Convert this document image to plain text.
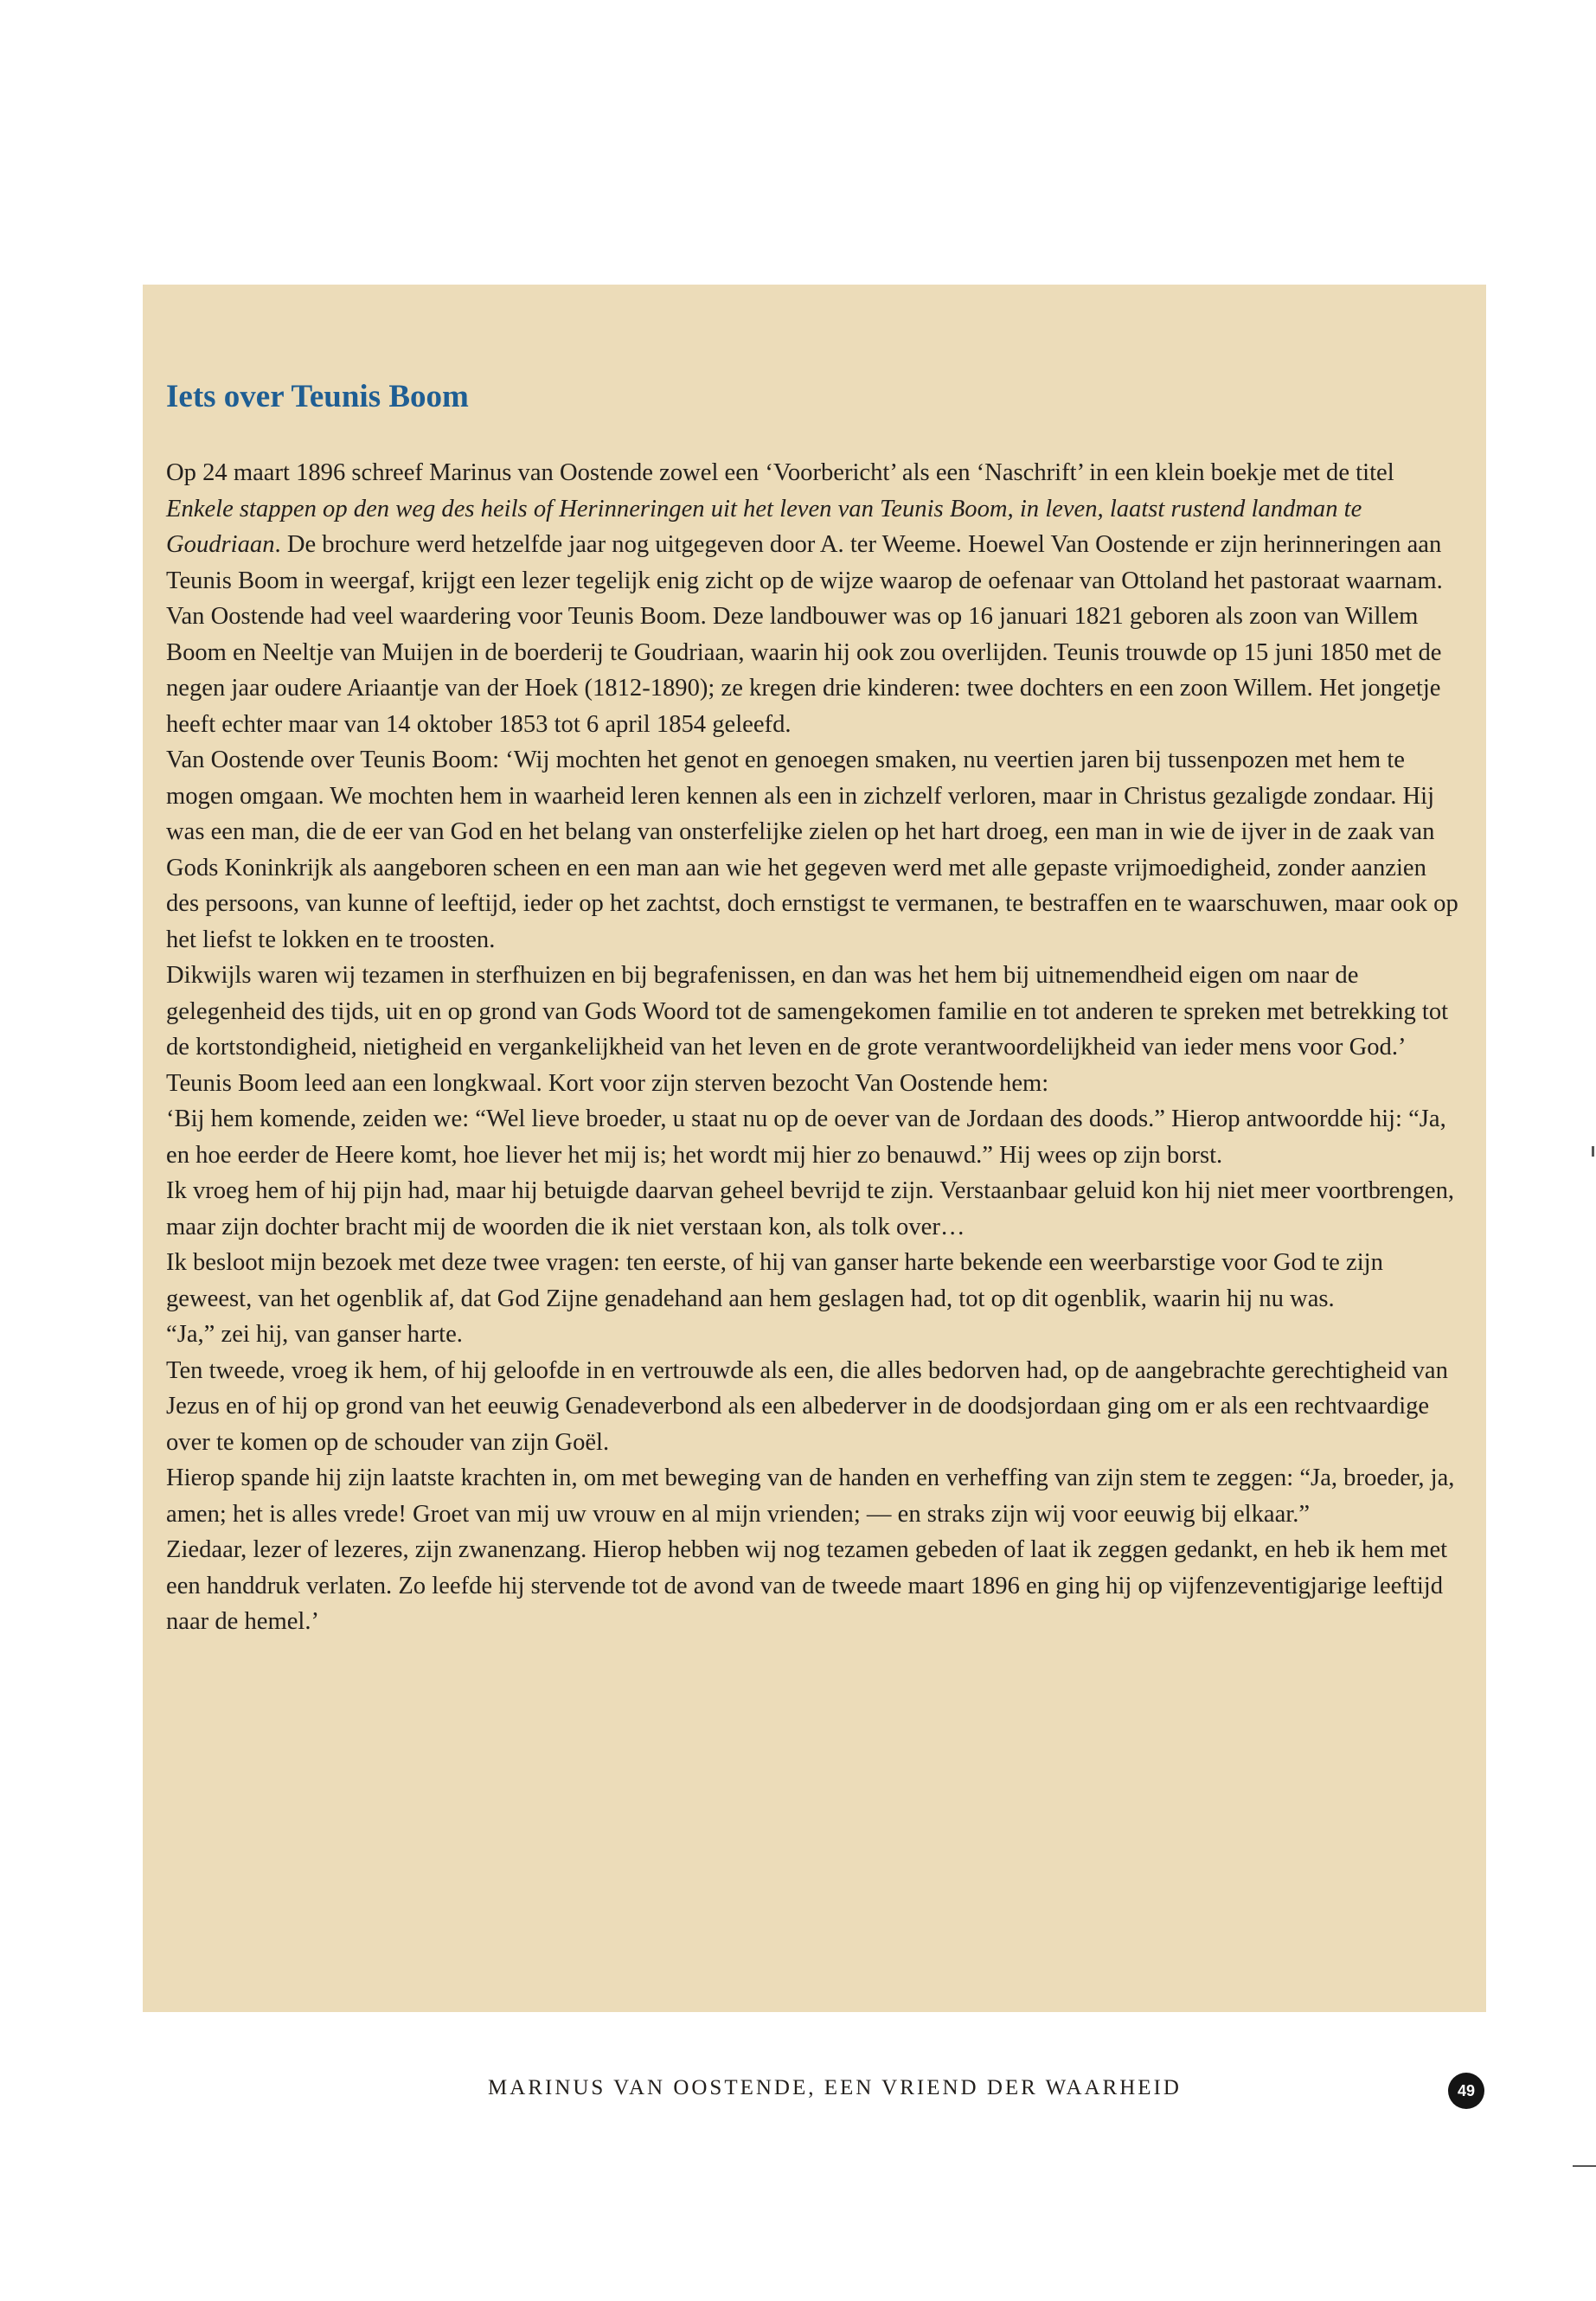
Iets over Teunis Boom

Op 24 maart 1896 schreef Marinus van Oostende zowel een ‘Voorbericht’ als een ‘Naschrift’ in een klein boekje met de titel Enkele stappen op den weg des heils of Herinneringen uit het leven van Teunis Boom, in leven, laatst rustend landman te Goudriaan. De brochure werd hetzelfde jaar nog uitgegeven door A. ter Weeme. Hoewel Van Oostende er zijn herinneringen aan Teunis Boom in weergaf, krijgt een lezer tegelijk enig zicht op de wijze waarop de oefenaar van Ottoland het pastoraat waarnam.

Van Oostende had veel waardering voor Teunis Boom. Deze landbouwer was op 16 januari 1821 geboren als zoon van Willem Boom en Neeltje van Muijen in de boerderij te Goudriaan, waarin hij ook zou overlijden. Teunis trouwde op 15 juni 1850 met de negen jaar oudere Ariaantje van der Hoek (1812-1890); ze kregen drie kinderen: twee dochters en een zoon Willem. Het jongetje heeft echter maar van 14 oktober 1853 tot 6 april 1854 geleefd.

Van Oostende over Teunis Boom: ‘Wij mochten het genot en genoegen smaken, nu veertien jaren bij tussenpozen met hem te mogen omgaan. We mochten hem in waarheid leren kennen als een in zichzelf verloren, maar in Christus gezaligde zondaar. Hij was een man, die de eer van God en het belang van onsterfelijke zielen op het hart droeg, een man in wie de ijver in de zaak van Gods Koninkrijk als aangeboren scheen en een man aan wie het gegeven werd met alle gepaste vrijmoedigheid, zonder aanzien des persoons, van kunne of leeftijd, ieder op het zachtst, doch ernstigst te vermanen, te bestraffen en te waarschuwen, maar ook op het liefst te lokken en te troosten.

Dikwijls waren wij tezamen in sterfhuizen en bij begrafenissen, en dan was het hem bij uitnemendheid eigen om naar de gelegenheid des tijds, uit en op grond van Gods Woord tot de samengekomen familie en tot anderen te spreken met betrekking tot de kortstondigheid, nietigheid en vergankelijkheid van het leven en de grote verantwoordelijkheid van ieder mens voor God.’

Teunis Boom leed aan een longkwaal. Kort voor zijn sterven bezocht Van Oostende hem:

‘Bij hem komende, zeiden we: “Wel lieve broeder, u staat nu op de oever van de Jordaan des doods.” Hierop antwoordde hij: “Ja, en hoe eerder de Heere komt, hoe liever het mij is; het wordt mij hier zo benauwd.” Hij wees op zijn borst.

Ik vroeg hem of hij pijn had, maar hij betuigde daarvan geheel bevrijd te zijn. Verstaanbaar geluid kon hij niet meer voortbrengen, maar zijn dochter bracht mij de woorden die ik niet verstaan kon, als tolk over…

Ik besloot mijn bezoek met deze twee vragen: ten eerste, of hij van ganser harte bekende een weerbarstige voor God te zijn geweest, van het ogenblik af, dat God Zijne genadehand aan hem geslagen had, tot op dit ogenblik, waarin hij nu was.

“Ja,” zei hij, van ganser harte.

Ten tweede, vroeg ik hem, of hij geloofde in en vertrouwde als een, die alles bedorven had, op de aangebrachte gerechtigheid van Jezus en of hij op grond van het eeuwig Genadeverbond als een albederver in de doodsjordaan ging om er als een rechtvaardige over te komen op de schouder van zijn Goël.

Hierop spande hij zijn laatste krachten in, om met beweging van de handen en verheffing van zijn stem te zeggen: “Ja, broeder, ja, amen; het is alles vrede! Groet van mij uw vrouw en al mijn vrienden; — en straks zijn wij voor eeuwig bij elkaar.”

Ziedaar, lezer of lezeres, zijn zwanenzang. Hierop hebben wij nog tezamen gebeden of laat ik zeggen gedankt, en heb ik hem met een handdruk verlaten. Zo leefde hij stervende tot de avond van de tweede maart 1896 en ging hij op vijfenzeventigjarige leeftijd naar de hemel.’

MARINUS VAN OOSTENDE, EEN VRIEND DER WAARHEID	49
